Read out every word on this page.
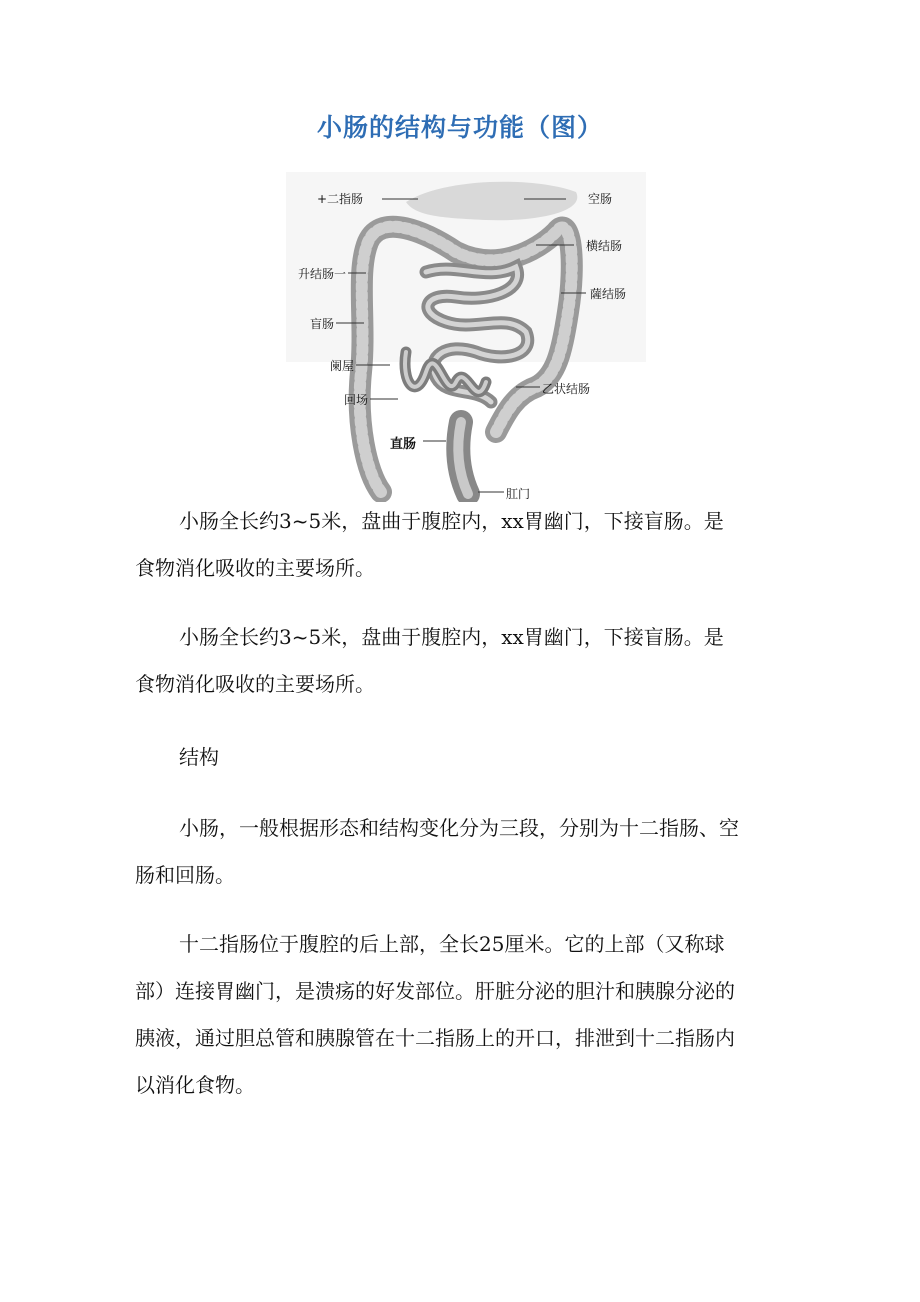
小肠的结构与功能（图）
+二指肠	空肠
横结肠
薩结肠
升结肠一
盲肠
阑屋
回场
乙状结肠
直肠
肛门
小肠全长约3~5米，盘曲于腹腔内，xx胃幽门，下接盲肠。是
食物消化吸收的主要场所。
小肠全长约3~5米，盘曲于腹腔内，xx胃幽门，下接盲肠。是
食物消化吸收的主要场所。
结构
小肠，一般根据形态和结构变化分为三段，分别为十二指肠、空
肠和回肠。
十二指肠位于腹腔的后上部，全长25厘米。它的上部（又称球
部）连接胃幽门，是溃疡的好发部位。肝脏分泌的胆汁和胰腺分泌的
胰液，通过胆总管和胰腺管在十二指肠上的开口，排泄到十二指肠内
以消化食物。
